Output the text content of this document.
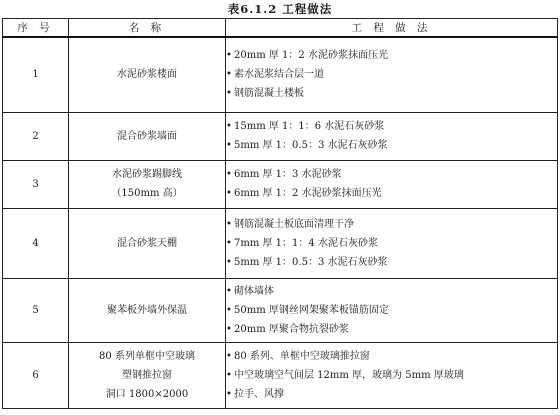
表6.1.2 工程做法
序 号	名 称	工 程 做 法
1	水泥砂浆楼面	• 20mm 厚 1：2 水泥砂浆抹面压光
• 素水泥浆结合层一道
• 钢筋混凝土楼板

2	混合砂浆墙面	• 15mm 厚 1：1：6 水泥石灰砂浆
• 5mm 厚 1：0.5：3 水泥石灰砂浆

3	水泥砂浆踢脚线
（150mm 高）	• 6mm 厚 1：3 水泥砂浆
• 6mm 厚 1：2 水泥砂浆抹面压光

4	混合砂浆天棚	• 钢筋混凝土板底面清理干净
• 7mm 厚 1：1：4 水泥石灰砂浆
• 5mm 厚 1：0.5：3 水泥石灰砂浆

5	聚苯板外墙外保温	• 砌体墙体
• 50mm 厚钢丝网架聚苯板锚筋固定
• 20mm 厚聚合物抗裂砂浆

6	80 系列单框中空玻璃
塑钢推拉窗
洞口 1800×2000	• 80 系列、单框中空玻璃推拉窗
• 中空玻璃空气间层 12mm 厚，玻璃为 5mm 厚玻璃
• 拉手、风撑
